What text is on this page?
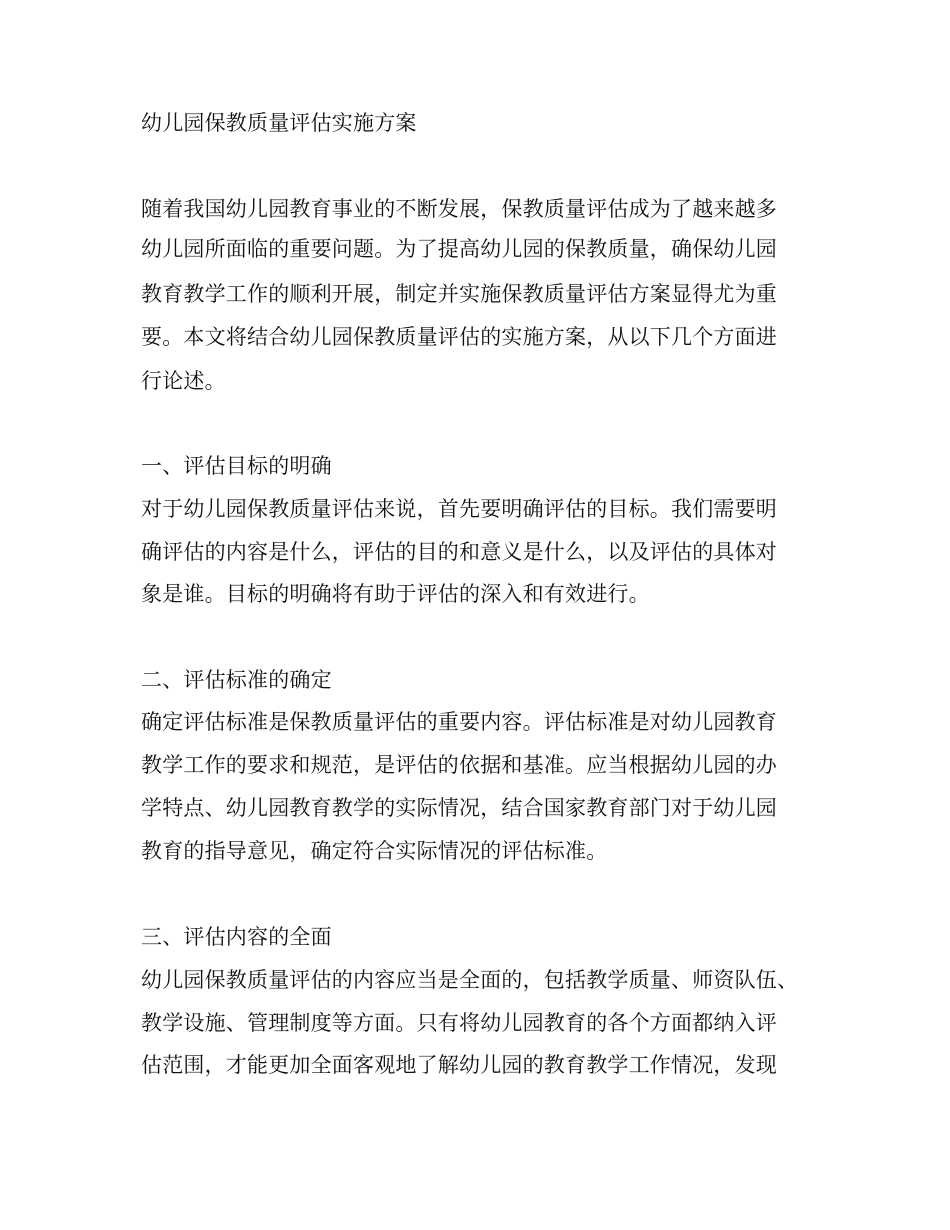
幼儿园保教质量评估实施方案
随着我国幼儿园教育事业的不断发展，保教质量评估成为了越来越多
幼儿园所面临的重要问题。为了提高幼儿园的保教质量，确保幼儿园
教育教学工作的顺利开展，制定并实施保教质量评估方案显得尤为重
要。本文将结合幼儿园保教质量评估的实施方案，从以下几个方面进
行论述。
一、评估目标的明确
对于幼儿园保教质量评估来说，首先要明确评估的目标。我们需要明
确评估的内容是什么，评估的目的和意义是什么，以及评估的具体对
象是谁。目标的明确将有助于评估的深入和有效进行。
二、评估标准的确定
确定评估标准是保教质量评估的重要内容。评估标准是对幼儿园教育
教学工作的要求和规范，是评估的依据和基准。应当根据幼儿园的办
学特点、幼儿园教育教学的实际情况，结合国家教育部门对于幼儿园
教育的指导意见，确定符合实际情况的评估标准。
三、评估内容的全面
幼儿园保教质量评估的内容应当是全面的，包括教学质量、师资队伍、
教学设施、管理制度等方面。只有将幼儿园教育的各个方面都纳入评
估范围，才能更加全面客观地了解幼儿园的教育教学工作情况，发现
